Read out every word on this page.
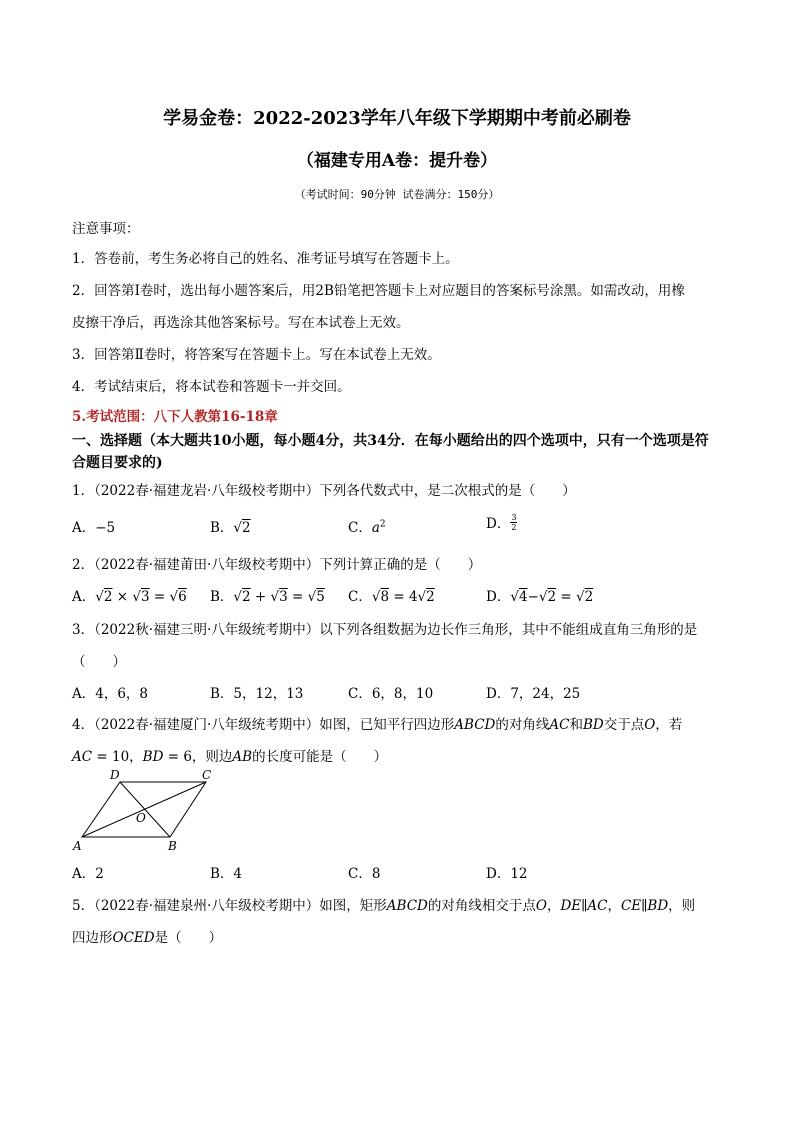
学易金卷：2022-2023学年八年级下学期期中考前必刷卷
（福建专用A卷：提升卷）
（考试时间：90分钟 试卷满分：150分）
注意事项：
1．答卷前，考生务必将自己的姓名、准考证号填写在答题卡上。
2．回答第Ⅰ卷时，选出每小题答案后，用2B铅笔把答题卡上对应题目的答案标号涂黑。如需改动，用橡
皮擦干净后，再选涂其他答案标号。写在本试卷上无效。
3．回答第Ⅱ卷时，将答案写在答题卡上。写在本试卷上无效。
4．考试结束后，将本试卷和答题卡一并交回。
5.考试范围：八下人教第16-18章
一、选择题（本大题共10小题，每小题4分，共34分．在每小题给出的四个选项中，只有一个选项是符
合题目要求的)
1．（2022春·福建龙岩·八年级校考期中）下列各代数式中，是二次根式的是（　　）
A．−5	B．√2	C．$a^2$	D． $\frac{3}{2}$
2．（2022春·福建莆田·八年级校考期中）下列计算正确的是（　　）
A．√2 × √3 = √6 B．√2 + √3 = √5 C．√8 = 4√2	D．√4−√2 = √2
3．（2022秋·福建三明·八年级统考期中）以下列各组数据为边长作三角形，其中不能组成直角三角形的是
（　　）
A．4，6，8	B．5，12，13	C．6，8，10	D．7，24，25
4．（2022春·福建厦门·八年级统考期中）如图，已知平行四边形ABCD的对角线AC和BD交于点O，若
AC = 10，BD = 6，则边AB的长度可能是（　　）
A	B
C
D
O
A．2	B．4	C．8	D．12
5．（2022春·福建泉州·八年级校考期中）如图，矩形ABCD的对角线相交于点O，DE∥AC，CE∥BD，则
四边形OCED是（　　）
